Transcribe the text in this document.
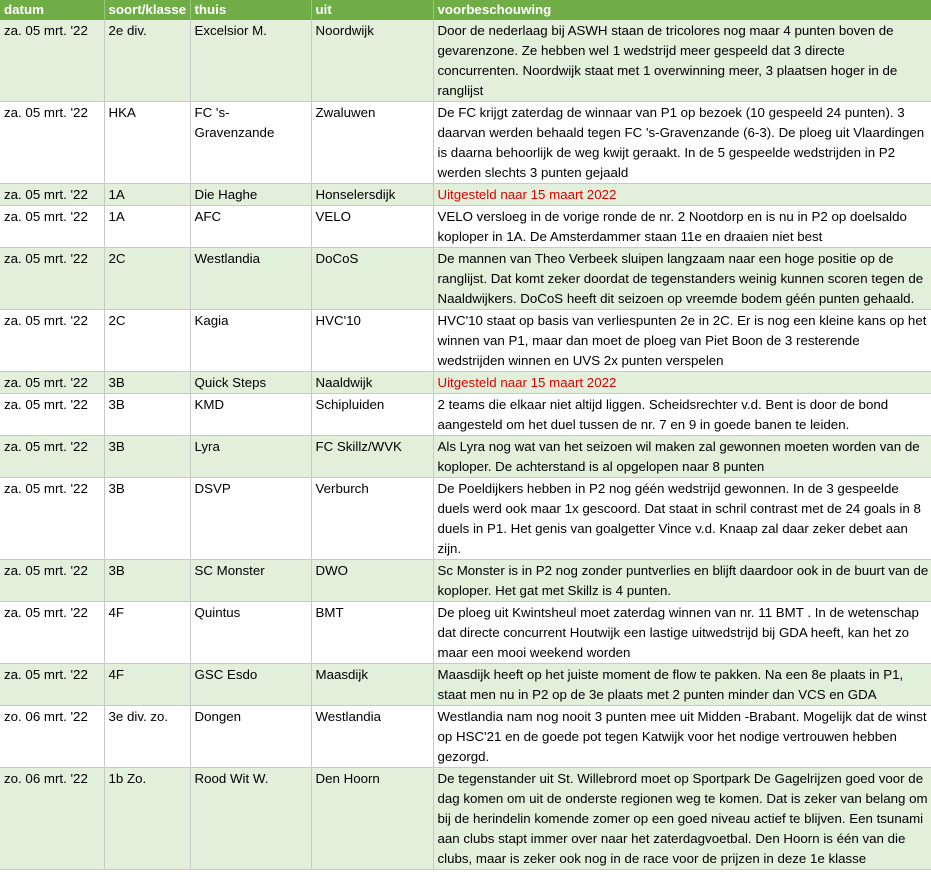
datum	soort/klasse	thuis	uit	voorbeschouwing
za. 05 mrt. '22	2e div.	Excelsior M.	Noordwijk	Door de nederlaag bij ASWH staan de tricolores nog maar 4 punten boven de gevarenzone. Ze hebben wel 1 wedstrijd meer gespeeld dat 3 directe concurrenten. Noordwijk staat met 1 overwinning meer, 3 plaatsen hoger in de ranglijst
za. 05 mrt. '22	HKA	FC 's-Gravenzande	Zwaluwen	De FC krijgt zaterdag de winnaar van P1 op bezoek (10 gespeeld 24 punten). 3 daarvan werden behaald tegen FC 's-Gravenzande (6-3). De ploeg uit Vlaardingen is daarna behoorlijk de weg kwijt geraakt. In de 5 gespeelde wedstrijden in P2 werden slechts 3 punten gejaald
za. 05 mrt. '22	1A	Die Haghe	Honselersdijk	Uitgesteld naar 15 maart 2022
za. 05 mrt. '22	1A	AFC	VELO	VELO versloeg in de vorige ronde de nr. 2 Nootdorp en is nu in P2 op doelsaldo koploper in 1A. De Amsterdammer staan 11e en draaien niet best
za. 05 mrt. '22	2C	Westlandia	DoCoS	De mannen van Theo Verbeek sluipen langzaam naar een hoge positie op de ranglijst. Dat komt zeker doordat de tegenstanders weinig kunnen scoren tegen de Naaldwijkers. DoCoS heeft dit seizoen op vreemde bodem géén punten gehaald.
za. 05 mrt. '22	2C	Kagia	HVC'10	HVC'10 staat op basis van verliespunten 2e in 2C. Er is nog een kleine kans op het winnen van P1, maar dan moet de ploeg van Piet Boon de 3 resterende wedstrijden winnen en UVS 2x punten verspelen
za. 05 mrt. '22	3B	Quick Steps	Naaldwijk	Uitgesteld naar 15 maart 2022
za. 05 mrt. '22	3B	KMD	Schipluiden	2 teams die elkaar niet altijd liggen. Scheidsrechter v.d. Bent is door de bond aangesteld om het duel tussen de nr. 7 en 9 in goede banen te leiden.
za. 05 mrt. '22	3B	Lyra	FC Skillz/WVK	Als Lyra nog wat van het seizoen wil maken zal gewonnen moeten worden van de koploper. De achterstand is al opgelopen naar 8 punten
za. 05 mrt. '22	3B	DSVP	Verburch	De Poeldijkers hebben in P2 nog géén wedstrijd gewonnen. In de 3 gespeelde duels werd ook maar 1x gescoord. Dat staat in schril contrast met de 24 goals in 8 duels in P1. Het genis van goalgetter Vince v.d. Knaap zal daar zeker debet aan zijn.
za. 05 mrt. '22	3B	SC Monster	DWO	Sc Monster is in P2 nog zonder puntverlies en blijft daardoor ook in de buurt van de koploper. Het gat met Skillz is 4 punten.
za. 05 mrt. '22	4F	Quintus	BMT	De ploeg uit Kwintsheul moet zaterdag winnen van nr. 11 BMT . In de wetenschap dat directe concurrent Houtwijk een lastige uitwedstrijd bij GDA heeft, kan het zo maar een mooi weekend worden
za. 05 mrt. '22	4F	GSC Esdo	Maasdijk	Maasdijk heeft op het juiste moment de flow te pakken. Na een 8e plaats in P1, staat men nu in P2 op de 3e plaats met 2 punten minder dan VCS en GDA
zo. 06 mrt. '22	3e div. zo.	Dongen	Westlandia	Westlandia nam nog nooit 3 punten mee uit Midden -Brabant. Mogelijk dat de winst op HSC'21 en de goede pot tegen Katwijk voor het nodige vertrouwen hebben gezorgd.
zo. 06 mrt. '22	1b Zo.	Rood Wit W.	Den Hoorn	De tegenstander uit St. Willebrord moet op Sportpark De Gagelrijzen goed voor de dag komen om uit de onderste regionen weg te komen. Dat is zeker van belang om bij de herindelin komende zomer op een goed niveau actief te blijven. Een tsunami aan clubs stapt immer over naar het zaterdagvoetbal. Den Hoorn is één van die clubs, maar is zeker ook nog in de race voor de prijzen in deze 1e klasse
